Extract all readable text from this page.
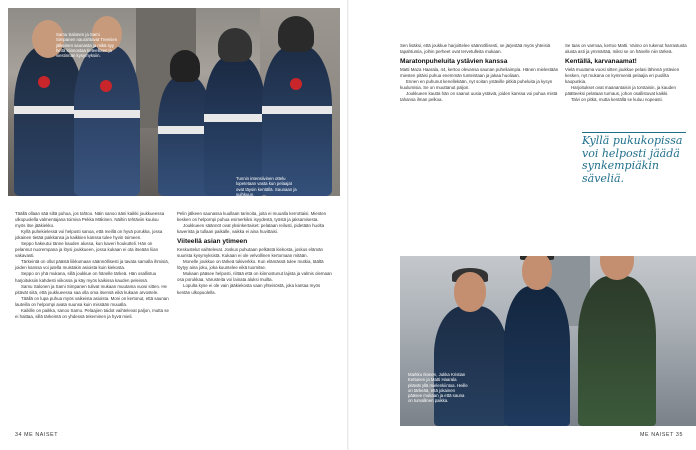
Samu Salonen ja Sami Simpanen naurahtavat Treenien jälkeinen saunasta ja mikä syy heitä kiinnostaa tieteellisen ja viestinnän kysymyksiin.
Tunnin intensiivinen ottelu lopetetaan vasta kun pelaajat ovat täysin kentällä. Saunaan ja suihkuun.

Täällä ollaan sää siltä puhua, jos tahtoo. Näin sanoo ääni kaikki joukkueessa ulkopuolella valmentajana toimiva Pekka Mäkinen. Näihin tehtäviin kuuluu myös itse jääkiekko.

Kyllä puhekielessä voi helposti sanoa, että meillä on hyvä porukka, jossa jokainen tietää paikkansa ja kaikkien kanssa tulee hyvin toimeen.

Seppo hakeutui tänne kauden alussa, kun kaveri houkutteli. Hän on pelannut nuorempana ja löysi joukkueen, jossa kukaan ei ota itseään liian vakavasti.

Tärkeintä on ollut päästä liikkumaan säännöllisesti ja tavata samalla ihmisiä, joiden kanssa voi jutella muistakin asioista kuin kiekosta.

Seppo on yhä mukana, sillä joukkue on hänelle tärkeä. Hän osallistuu harjoituksiin kahdesti viikossa ja käy myös kaikissa kauden peleissä.

Samu Salonen ja Sami Simpanen tulivat mukaan muutama vuosi sitten. He pitävät siitä, että joukkueessa saa olla oma itsensä eikä kukaan arvostele.

Täällä on lupa puhua myös vaikeista asioista. Moni on kertonut, että saunan lauteilla on helpompi avata suunsa kuin missään muualla.

Kaikille on paikka, sanoo Samu. Pelaajien taidot vaihtelevat paljon, mutta se ei haittaa, sillä tärkeintä on yhdessä tekeminen ja hyvä mieli.

Pelin jälkeen saunassa kuullaan tarinoita, joita ei muualla kerrottaisi. Miesten kesken on helpompi puhua esimerkiksi isyydestä, työstä ja jaksamisesta.

Joukkueen säännöt ovat yksinkertaiset: pelataan reilusti, pidetään huolta kaverista ja tullaan paikalle, vaikka ei aina huvittaisi.

Viiteellä asian ytimeen

Keskustelut vaihtelevat. Joskus puhutaan pelkästä kiekosta, joskus elämän suurista kysymyksistä. Kukaan ei ole velvollinen kertomaan mitään.

Monelle joukkue on tärkeä tukiverkko. Kun elämässä tulee mutkia, täältä löytyy aina joku, joka kuuntelee eikä tuomitse.

Mukaan pääsee helposti, riittää että on kiinnostunut lajista ja valmis olemaan osa porukkaa. Varusteita voi lainata aluksi muilta.

Lopulta kyse ei ole vain jääkiekosta vaan yhteisöstä, joka kantaa myös kentän ulkopuolella.

34 ME NAISET

Sen lisäksi, että joukkue harjoittelee säännöllisesti, se järjestää myös yhteisiä tapahtumia, joihin perheet ovat tervetulleita mukaan.

Maratonpuheluita ystävien kanssa

Matti Maza Haarala, 44, kertoo olevansa saunan puheliaimpia. Hänen mielestään miesten pitäisi puhua enemmän tunteistaan ja jakaa huoliaan.

Ennen en puhunut kenellekään, nyt soitan ystäville pitkiä puheluita ja kysyn kuulumisia. Se on muuttanut paljon.

Joukkueen kautta hän on saanut uusia ystäviä, joiden kanssa voi puhua mistä tahansa ilman pelkoa.

Se taas on varmaa, kertoo Matti. Vaimo on tukenut harrastusta alusta asti ja ymmärtää, miksi se on hänelle niin tärkeä.

Kentällä, karvanaamat!

Vielä muutama vuosi sitten joukkue pelasi lähinnä ystävien kesken, nyt mukana on kymmeniä pelaajia eri puolilta kaupunkia.

Harjoitukset ovat maanantaisin ja torstaisin, ja kauden päätteeksi pelataan turnaus, johon osallistuvat kaikki.

Talvi on pitkä, mutta kentällä se kuluu nopeasti.

Kyllä pukukopissa voi helposti jäädä synkempiäkin säveliä.
Markku Ikonen, Jukka Kristian Kettunen ja Matti Haarala pitävät yllä mielenkiintoa. Heille on tärkeää, että jokainen pääsee mukaan ja että sauna on turvallinen paikka.
ME NAISET 35
